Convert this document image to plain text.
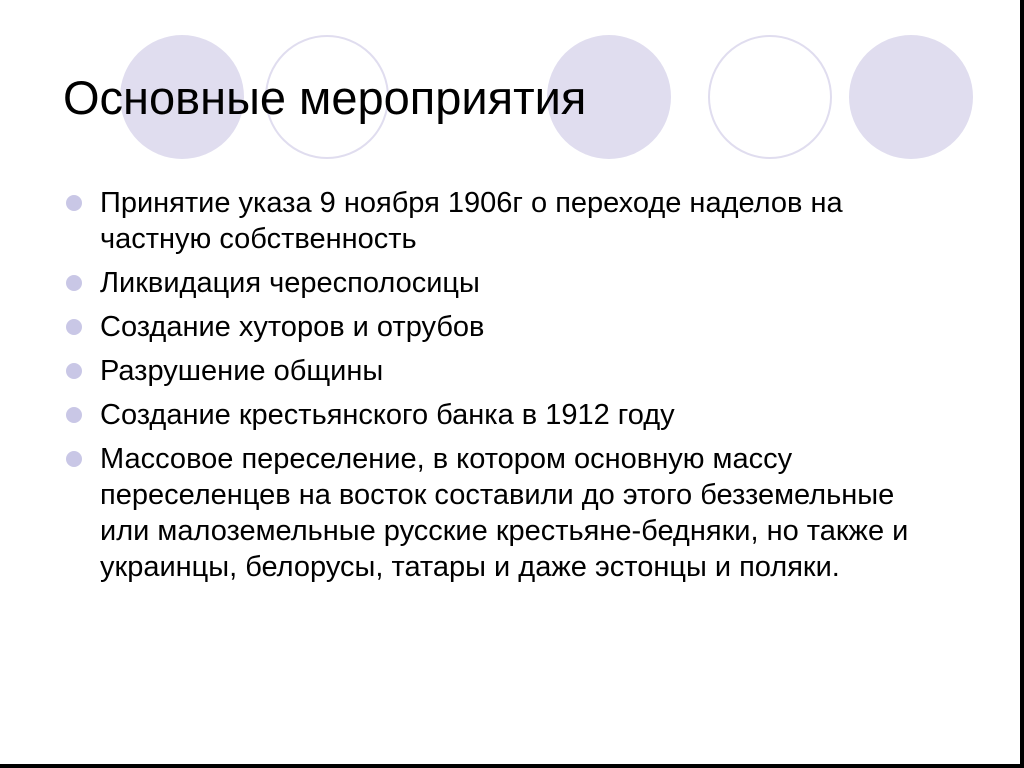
Основные мероприятия
Принятие указа 9 ноября 1906г о переходе наделов на частную собственность
Ликвидация чересполосицы
Создание хуторов и отрубов
Разрушение общины
Создание крестьянского банка в 1912 году
Массовое переселение, в котором основную массу переселенцев на восток составили до этого безземельные или малоземельные русские крестьяне-бедняки, но также и украинцы, белорусы, татары и даже эстонцы и поляки.
